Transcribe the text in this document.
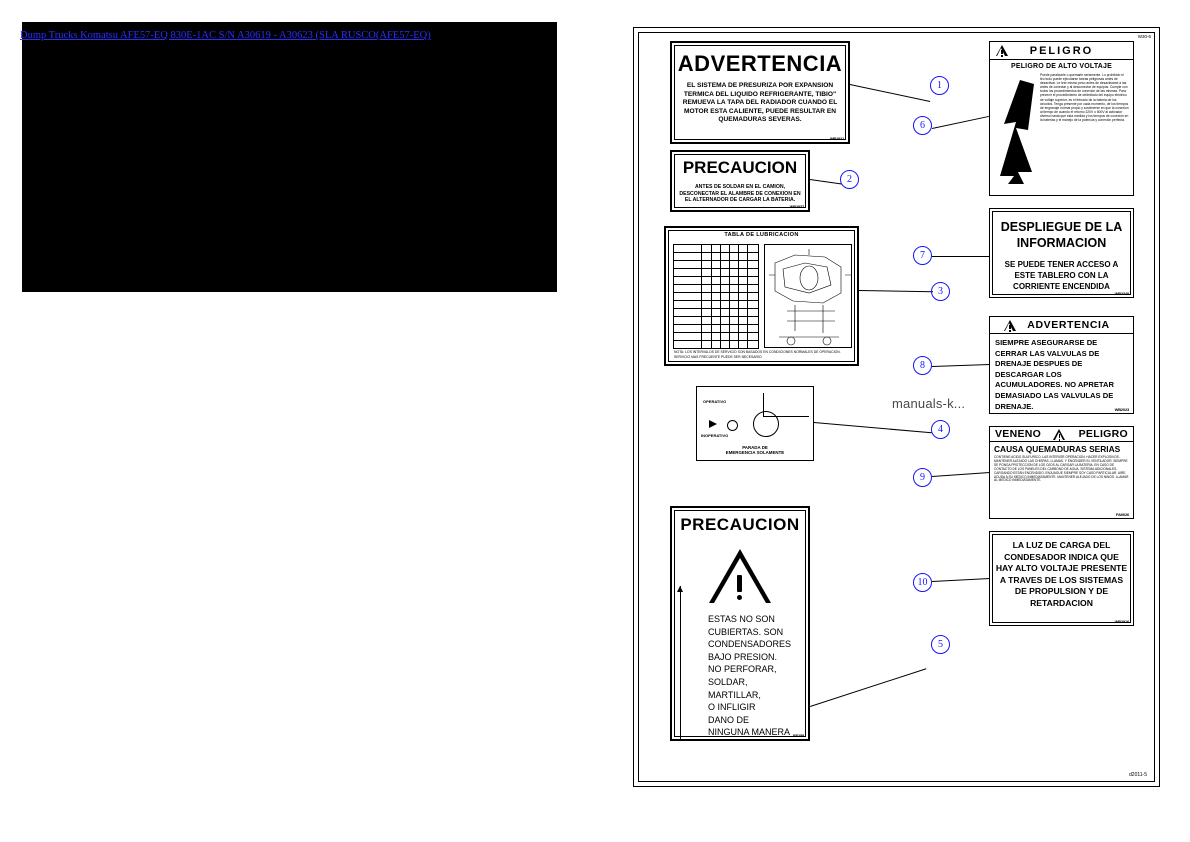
Dump Trucks Komatsu AFE57-EQ 830E-1AC S/N A30619 - A30623 (SLA RUSCO(AFE57-EQ)	W30-6
d2011-5
ADVERTENCIA
EL SISTEMA DE PRESURIZA POR EXPANSION TERMICA DEL LIQUIDO REFRIGERANTE, TIBIO" REMUEVA LA TAPA DEL RADIADOR CUANDO EL MOTOR ESTA CALIENTE, PUEDE RESULTAR EN QUEMADURAS SEVERAS.
WB2911
PRECAUCION
ANTES DE SOLDAR EN EL CAMION, DESCONECTAR EL ALAMBRE DE CONEXION EN EL ALTERNADOR DE CARGAR LA BATERIA.
WB2837
TABLA DE LUBRICACION
NOTA: LOS INTERVALOS DE SERVICIO SON BASADOS EN CONDICIONES NORMALES DE OPERACION. SERVICIO MAS FRECUENTE PUEDE SER NECESARIO.
OPERATIVO
INOPERATIVO
PARADA DE
EMERGENCIA SOLAMENTE
PRECAUCION
ESTAS NO SON
CUBIERTAS. SON
CONDENSADORES
BAJO PRESION.
NO PERFORAR,
SOLDAR,
MARTILLAR,
O INFLIGIR
DANO DE
NINGUNA MANERA EE258
PELIGRO
PELIGRO DE ALTO VOLTAJE
Puede paralizarle o quemarle seriamente. Lo prohibido el tiro todo puede ejecutarse tareas peligrosas antes de desactivar. Le leer mismo peso antes de desactivarse a las antes de conectar y al desconectar de equipos. Cumple con todos los procedimientos de conexión de las mismas. Para prevenir el procedimiento de delimitado del equipo eléctrico de voltaje superior, es el frenado de la bateria de los circuitos. Tenga presente por cada momento, de los tiempos de engranaje normal propio y sostenerse en que la conexión al tiempo de cuando el retorno 220V o 600V al activador diverso hasta que esta medida y los tiempos de conexión en la baterias y el manejo de la potencia y conexión perfecta.
DESPLIEGUE DE LA INFORMACION
SE PUEDE TENER ACCESO A ESTE TABLERO CON LA CORRIENTE ENCENDIDA
WB2340
ADVERTENCIA
SIEMPRE ASEGURARSE DE CERRAR LAS VALVULAS DE DRENAJE DESPUES DE DESCARGAR LOS ACUMULADORES. NO APRETAR DEMASIADO LAS VALVULAS DE DRENAJE.	WB2023
VENENO	PELIGRO
CAUSA QUEMADURAS SERIAS
CONTIENE ACIDO SULFURICO. LAS INTERIOR OPERACION. HACER EXPLOSIVOS. MANTENER ALEJADO LAS CHISPAS, LLAMAS. Y ENCENDER EL VENTILADOR. SIEMPRE SE PONGA PROTECCION DE LOS OJOS AL CARGAR LA BATERIA. EN CASO DE CONTACTO DE LOS PANELES DEL CARBONO DE AGUA. SISTEMA ADICIONALES, CARGANDO ESTAN ENCENDIDO. ENJUAGUE SIEMPRE SOY CASO PARTICULAR. AIRE. ACUDA A SU MEDICO INMEDIATAMENTE. MANTENER ALEJADO DE LOS NINOS. LLAMAR AL MEDICO INMEDIATAMENTE.
PA0026
LA LUZ DE CARGA DEL CONDESADOR INDICA QUE HAY ALTO VOLTAJE PRESENTE A TRAVES DE LOS SISTEMAS DE PROPULSION Y DE RETARDACION
WB2916
1
2
3
4
5
6
7
8
9
10
manuals-k...
